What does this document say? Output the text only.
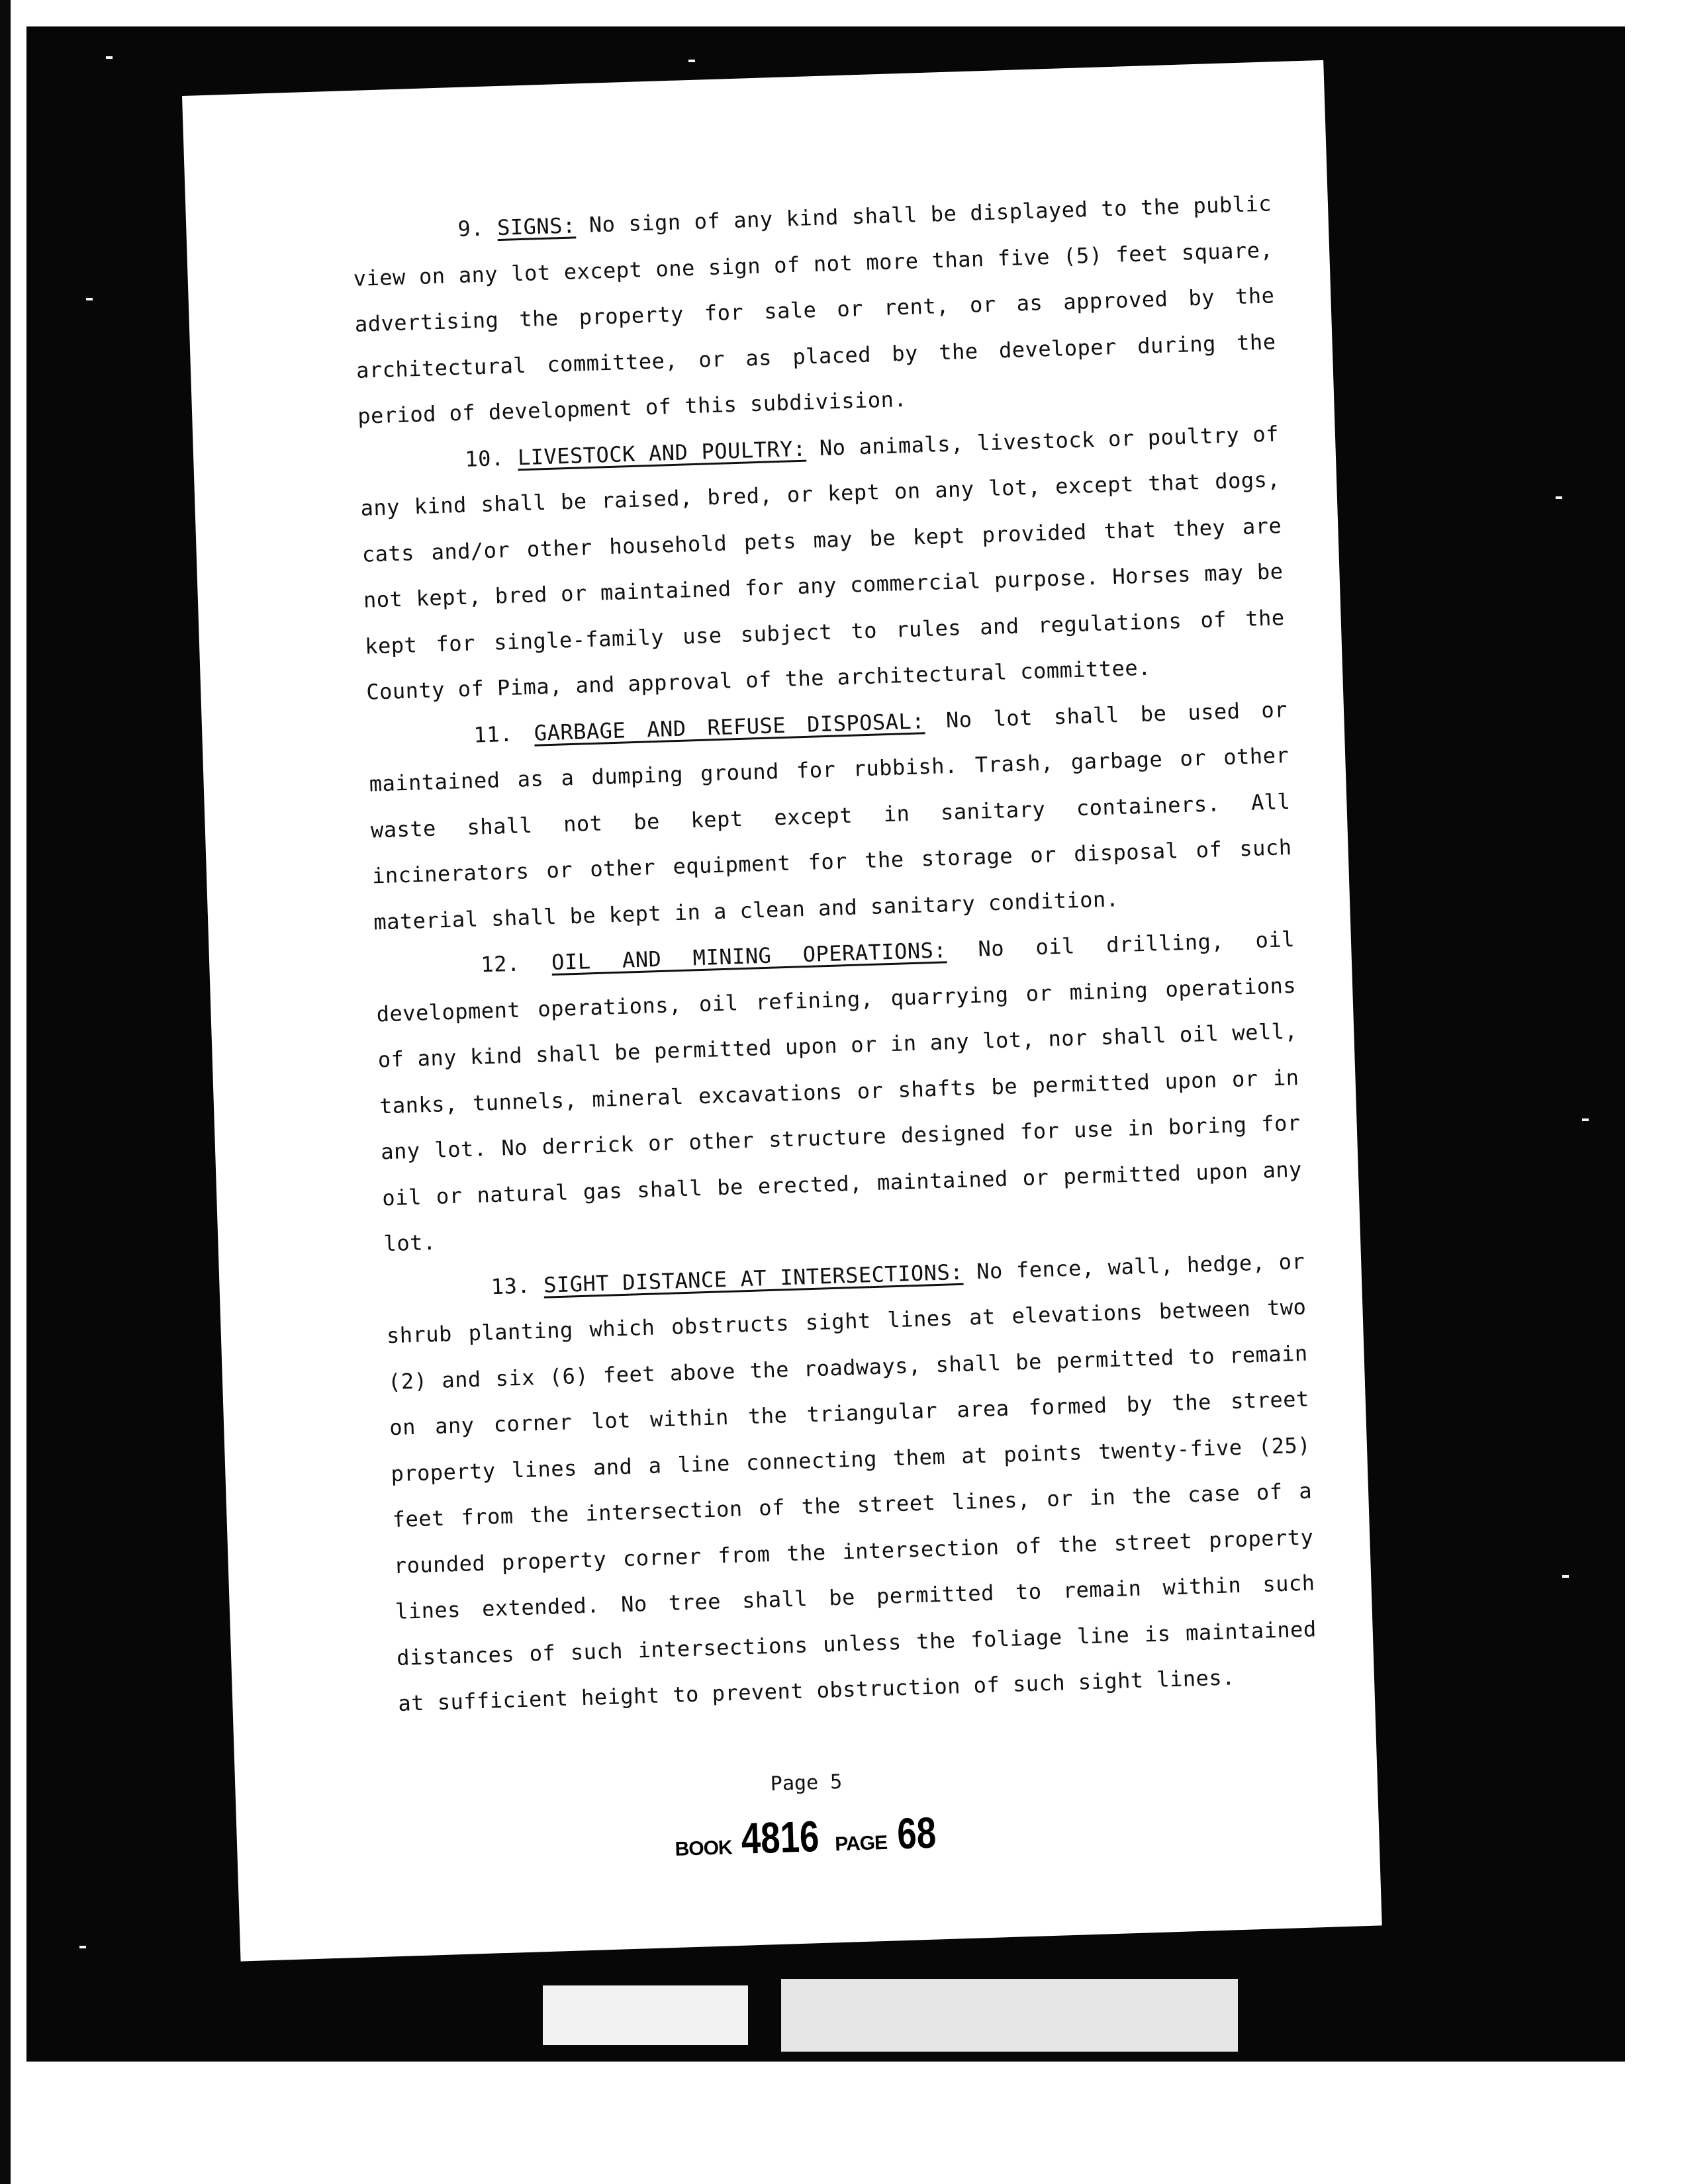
9. SIGNS: No sign of any kind shall be displayed to the public view on any lot except one sign of not more than five (5) feet square, advertising the property for sale or rent, or as approved by the architectural committee, or as placed by the developer during the period of development of this subdivision.

10. LIVESTOCK AND POULTRY: No animals, livestock or poultry of any kind shall be raised, bred, or kept on any lot, except that dogs, cats and/or other household pets may be kept provided that they are not kept, bred or maintained for any commercial purpose. Horses may be kept for single-family use subject to rules and regulations of the County of Pima, and approval of the architectural committee.

11. GARBAGE AND REFUSE DISPOSAL: No lot shall be used or maintained as a dumping ground for rubbish. Trash, garbage or other waste shall not be kept except in sanitary containers. All incinerators or other equipment for the storage or disposal of such material shall be kept in a clean and sanitary condition.

12. OIL AND MINING OPERATIONS: No oil drilling, oil development operations, oil refining, quarrying or mining operations of any kind shall be permitted upon or in any lot, nor shall oil well, tanks, tunnels, mineral excavations or shafts be permitted upon or in any lot. No derrick or other structure designed for use in boring for oil or natural gas shall be erected, maintained or permitted upon any lot.

13. SIGHT DISTANCE AT INTERSECTIONS: No fence, wall, hedge, or shrub planting which obstructs sight lines at elevations between two (2) and six (6) feet above the roadways, shall be permitted to remain on any corner lot within the triangular area formed by the street property lines and a line connecting them at points twenty-five (25) feet from the intersection of the street lines, or in the case of a rounded property corner from the intersection of the street property lines extended. No tree shall be permitted to remain within such distances of such intersections unless the foliage line is maintained at sufficient height to prevent obstruction of such sight lines.

Page 5
BOOK 4816 PAGE 68
